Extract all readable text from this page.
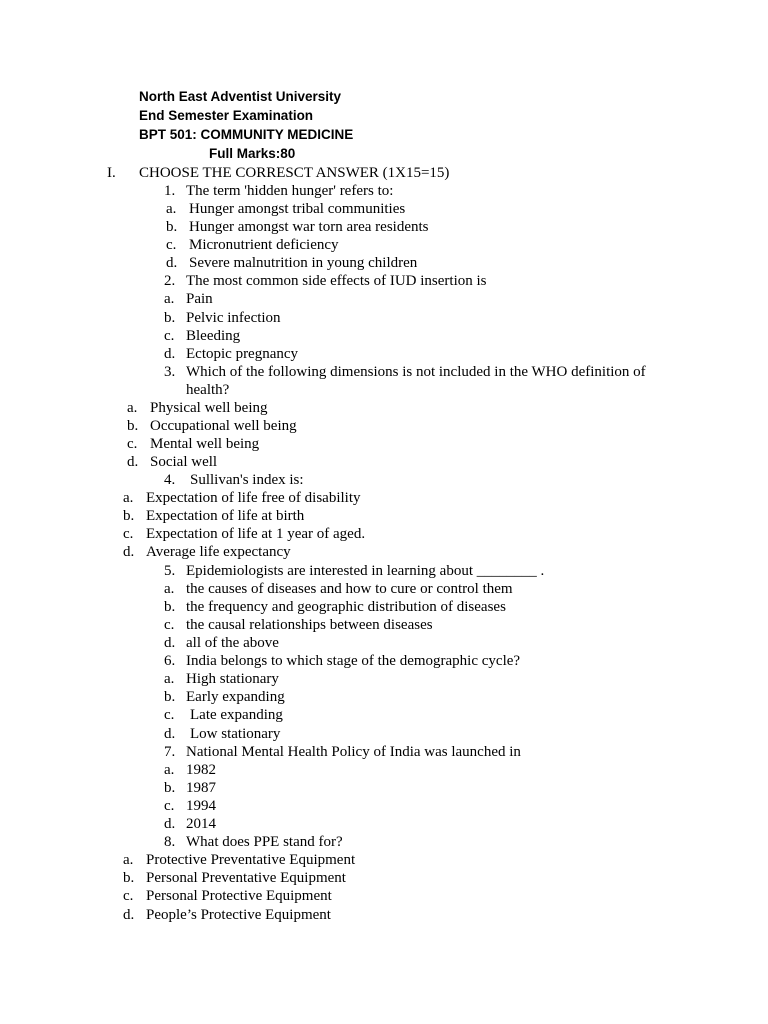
North East Adventist University
End Semester Examination
BPT 501: COMMUNITY MEDICINE
Full Marks:80
I. CHOOSE THE CORRESCT ANSWER (1X15=15)
1. The term 'hidden hunger' refers to:
a. Hunger amongst tribal communities
b. Hunger amongst war torn area residents
c. Micronutrient deficiency
d. Severe malnutrition in young children
2. The most common side effects of IUD insertion is
a. Pain
b. Pelvic infection
c. Bleeding
d. Ectopic pregnancy
3. Which of the following dimensions is not included in the WHO definition of
health?
a. Physical well being
b. Occupational well being
c. Mental well being
d. Social well
4. Sullivan's index is:
a. Expectation of life free of disability
b. Expectation of life at birth
c. Expectation of life at 1 year of aged.
d. Average life expectancy
5. Epidemiologists are interested in learning about ________ .
a. the causes of diseases and how to cure or control them
b. the frequency and geographic distribution of diseases
c. the causal relationships between diseases
d. all of the above
6. India belongs to which stage of the demographic cycle?
a. High stationary
b. Early expanding
c. Late expanding
d. Low stationary
7. National Mental Health Policy of India was launched in
a. 1982
b. 1987
c. 1994
d. 2014
8. What does PPE stand for?
a. Protective Preventative Equipment
b. Personal Preventative Equipment
c. Personal Protective Equipment
d. People’s Protective Equipment
